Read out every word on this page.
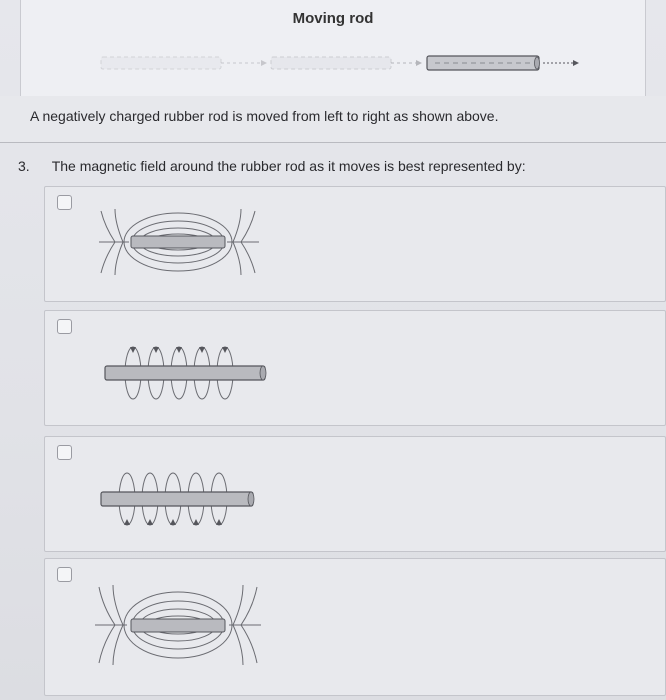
Moving rod
A negatively charged rubber rod is moved from left to right as shown above.
3. The magnetic field around the rubber rod as it moves is best represented by:
